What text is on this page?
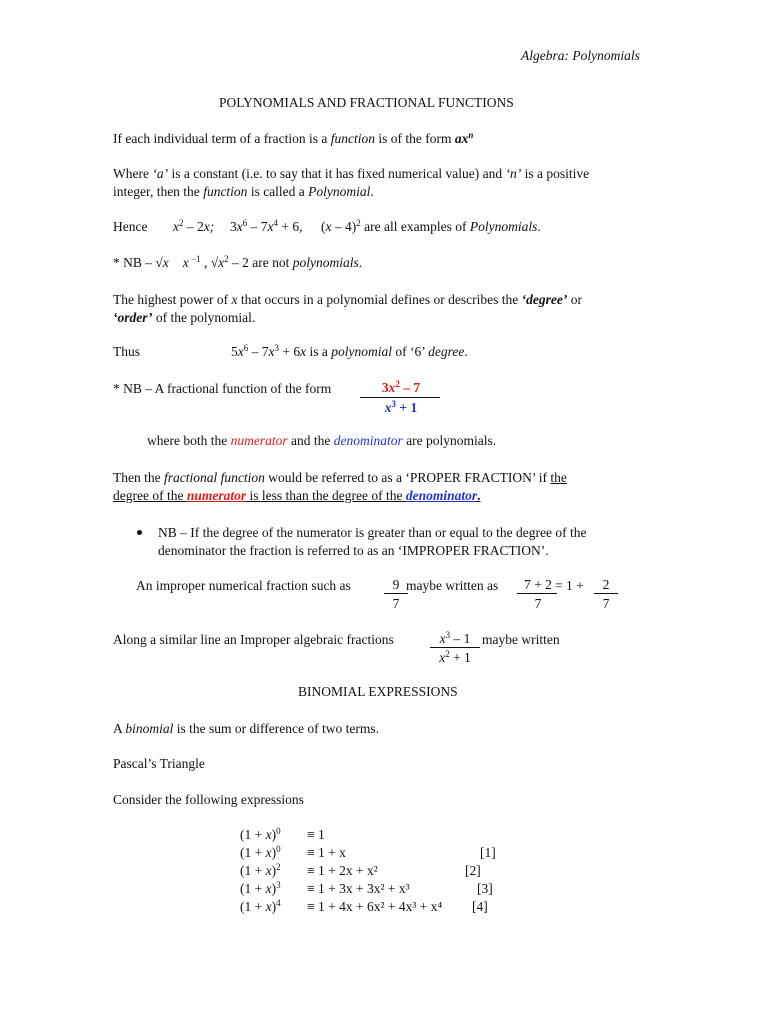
Algebra: Polynomials
POLYNOMIALS AND FRACTIONAL FUNCTIONS
If each individual term of a fraction is a function is of the form $ax^n$
Where ‘a’ is a constant (i.e. to say that it has fixed numerical value) and ‘n’ is a positive
integer, then the function is called a Polynomial.
Hence $x^2 - 2x$; $3x^6 - 7x^4 + 6$, (x – 4)$^2$ are all examples of Polynomials.
* NB – √x x $^{-1}$ , $√x^2 - 2$ are not polynomials.
The highest power of x that occurs in a polynomial defines or describes the ‘degree’ or
‘order’ of the polynomial.
Thus	$5x^6 - 7x^3 + 6x$ is a polynomial of ‘6’ degree.
* NB – A fractional function of the form	$3x^2 - 7$
$x^3 + 1$
where both the numerator and the denominator are polynomials.
Then the fractional function would be referred to as a ‘PROPER FRACTION’ if the
degree of the numerator is less than the degree of the denominator.
NB – If the degree of the numerator is greater than or equal to the degree of the
denominator the fraction is referred to as an ‘IMPROPER FRACTION’.
An improper numerical fraction such as	9
7
maybe written as	7 + 2
7
= 1 +	2
7
Along a similar line an Improper algebraic fractions	$x^3 - 1$
$x^2 + 1$
maybe written
BINOMIAL EXPRESSIONS
A binomial is the sum or difference of two terms.
Pascal’s Triangle
Consider the following expressions
$(1 + x)^0 \equiv 1$
$(1 + x)^0 \equiv 1 + x$	[1]
$(1 + x)^2 \equiv 1 + 2x + x^2$	[2]
$(1 + x)^3 \equiv 1 + 3x + 3x^2 + x^3$	[3]
$(1 + x)^4 \equiv 1 + 4x + 6x^2 + 4x^3 + x^4$ [4]
